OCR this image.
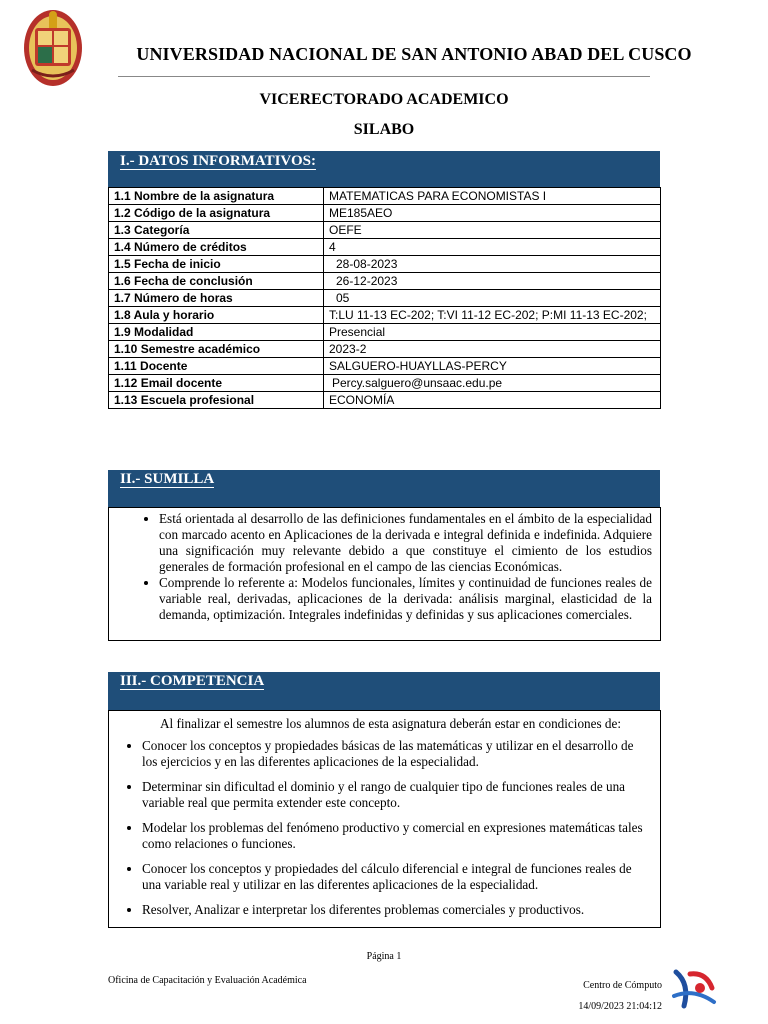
UNIVERSIDAD NACIONAL DE SAN ANTONIO ABAD DEL CUSCO
VICERECTORADO ACADEMICO
SILABO
I.- DATOS INFORMATIVOS:
1.1 Nombre de la asignatura	MATEMATICAS PARA ECONOMISTAS I
1.2 Código de la asignatura	ME185AEO
1.3 Categoría	OEFE
1.4 Número de créditos	4
1.5 Fecha de inicio	28-08-2023
1.6 Fecha de conclusión	26-12-2023
1.7 Número de horas	05
1.8 Aula y horario	T:LU 11-13 EC-202; T:VI 11-12 EC-202; P:MI 11-13 EC-202;
1.9 Modalidad	Presencial
1.10 Semestre académico	2023-2
1.11 Docente	SALGUERO-HUAYLLAS-PERCY
1.12 Email docente	Percy.salguero@unsaac.edu.pe
1.13 Escuela profesional	ECONOMÍA
II.- SUMILLA
• Está orientada al desarrollo de las definiciones fundamentales en el ámbito de la especialidad con marcado acento en Aplicaciones de la derivada e integral definida e indefinida. Adquiere una significación muy relevante debido a que constituye el cimiento de los estudios generales de formación profesional en el campo de las ciencias Económicas.
• Comprende lo referente a: Modelos funcionales, límites y continuidad de funciones reales de variable real, derivadas, aplicaciones de la derivada: análisis marginal, elasticidad de la demanda, optimización. Integrales indefinidas y definidas y sus aplicaciones comerciales.
III.- COMPETENCIA
Al finalizar el semestre los alumnos de esta asignatura deberán estar en condiciones de:
• Conocer los conceptos y propiedades básicas de las matemáticas y utilizar en el desarrollo de los ejercicios y en las diferentes aplicaciones de la especialidad.
• Determinar sin dificultad el dominio y el rango de cualquier tipo de funciones reales de una variable real que permita extender este concepto.
• Modelar los problemas del fenómeno productivo y comercial en expresiones matemáticas tales como relaciones o funciones.
• Conocer los conceptos y propiedades del cálculo diferencial e integral de funciones reales de una variable real y utilizar en las diferentes aplicaciones de la especialidad.
• Resolver, Analizar e interpretar los diferentes problemas comerciales y productivos.
Página 1
Oficina de Capacitación y Evaluación Académica	Centro de Cómputo
14/09/2023 21:04:12
